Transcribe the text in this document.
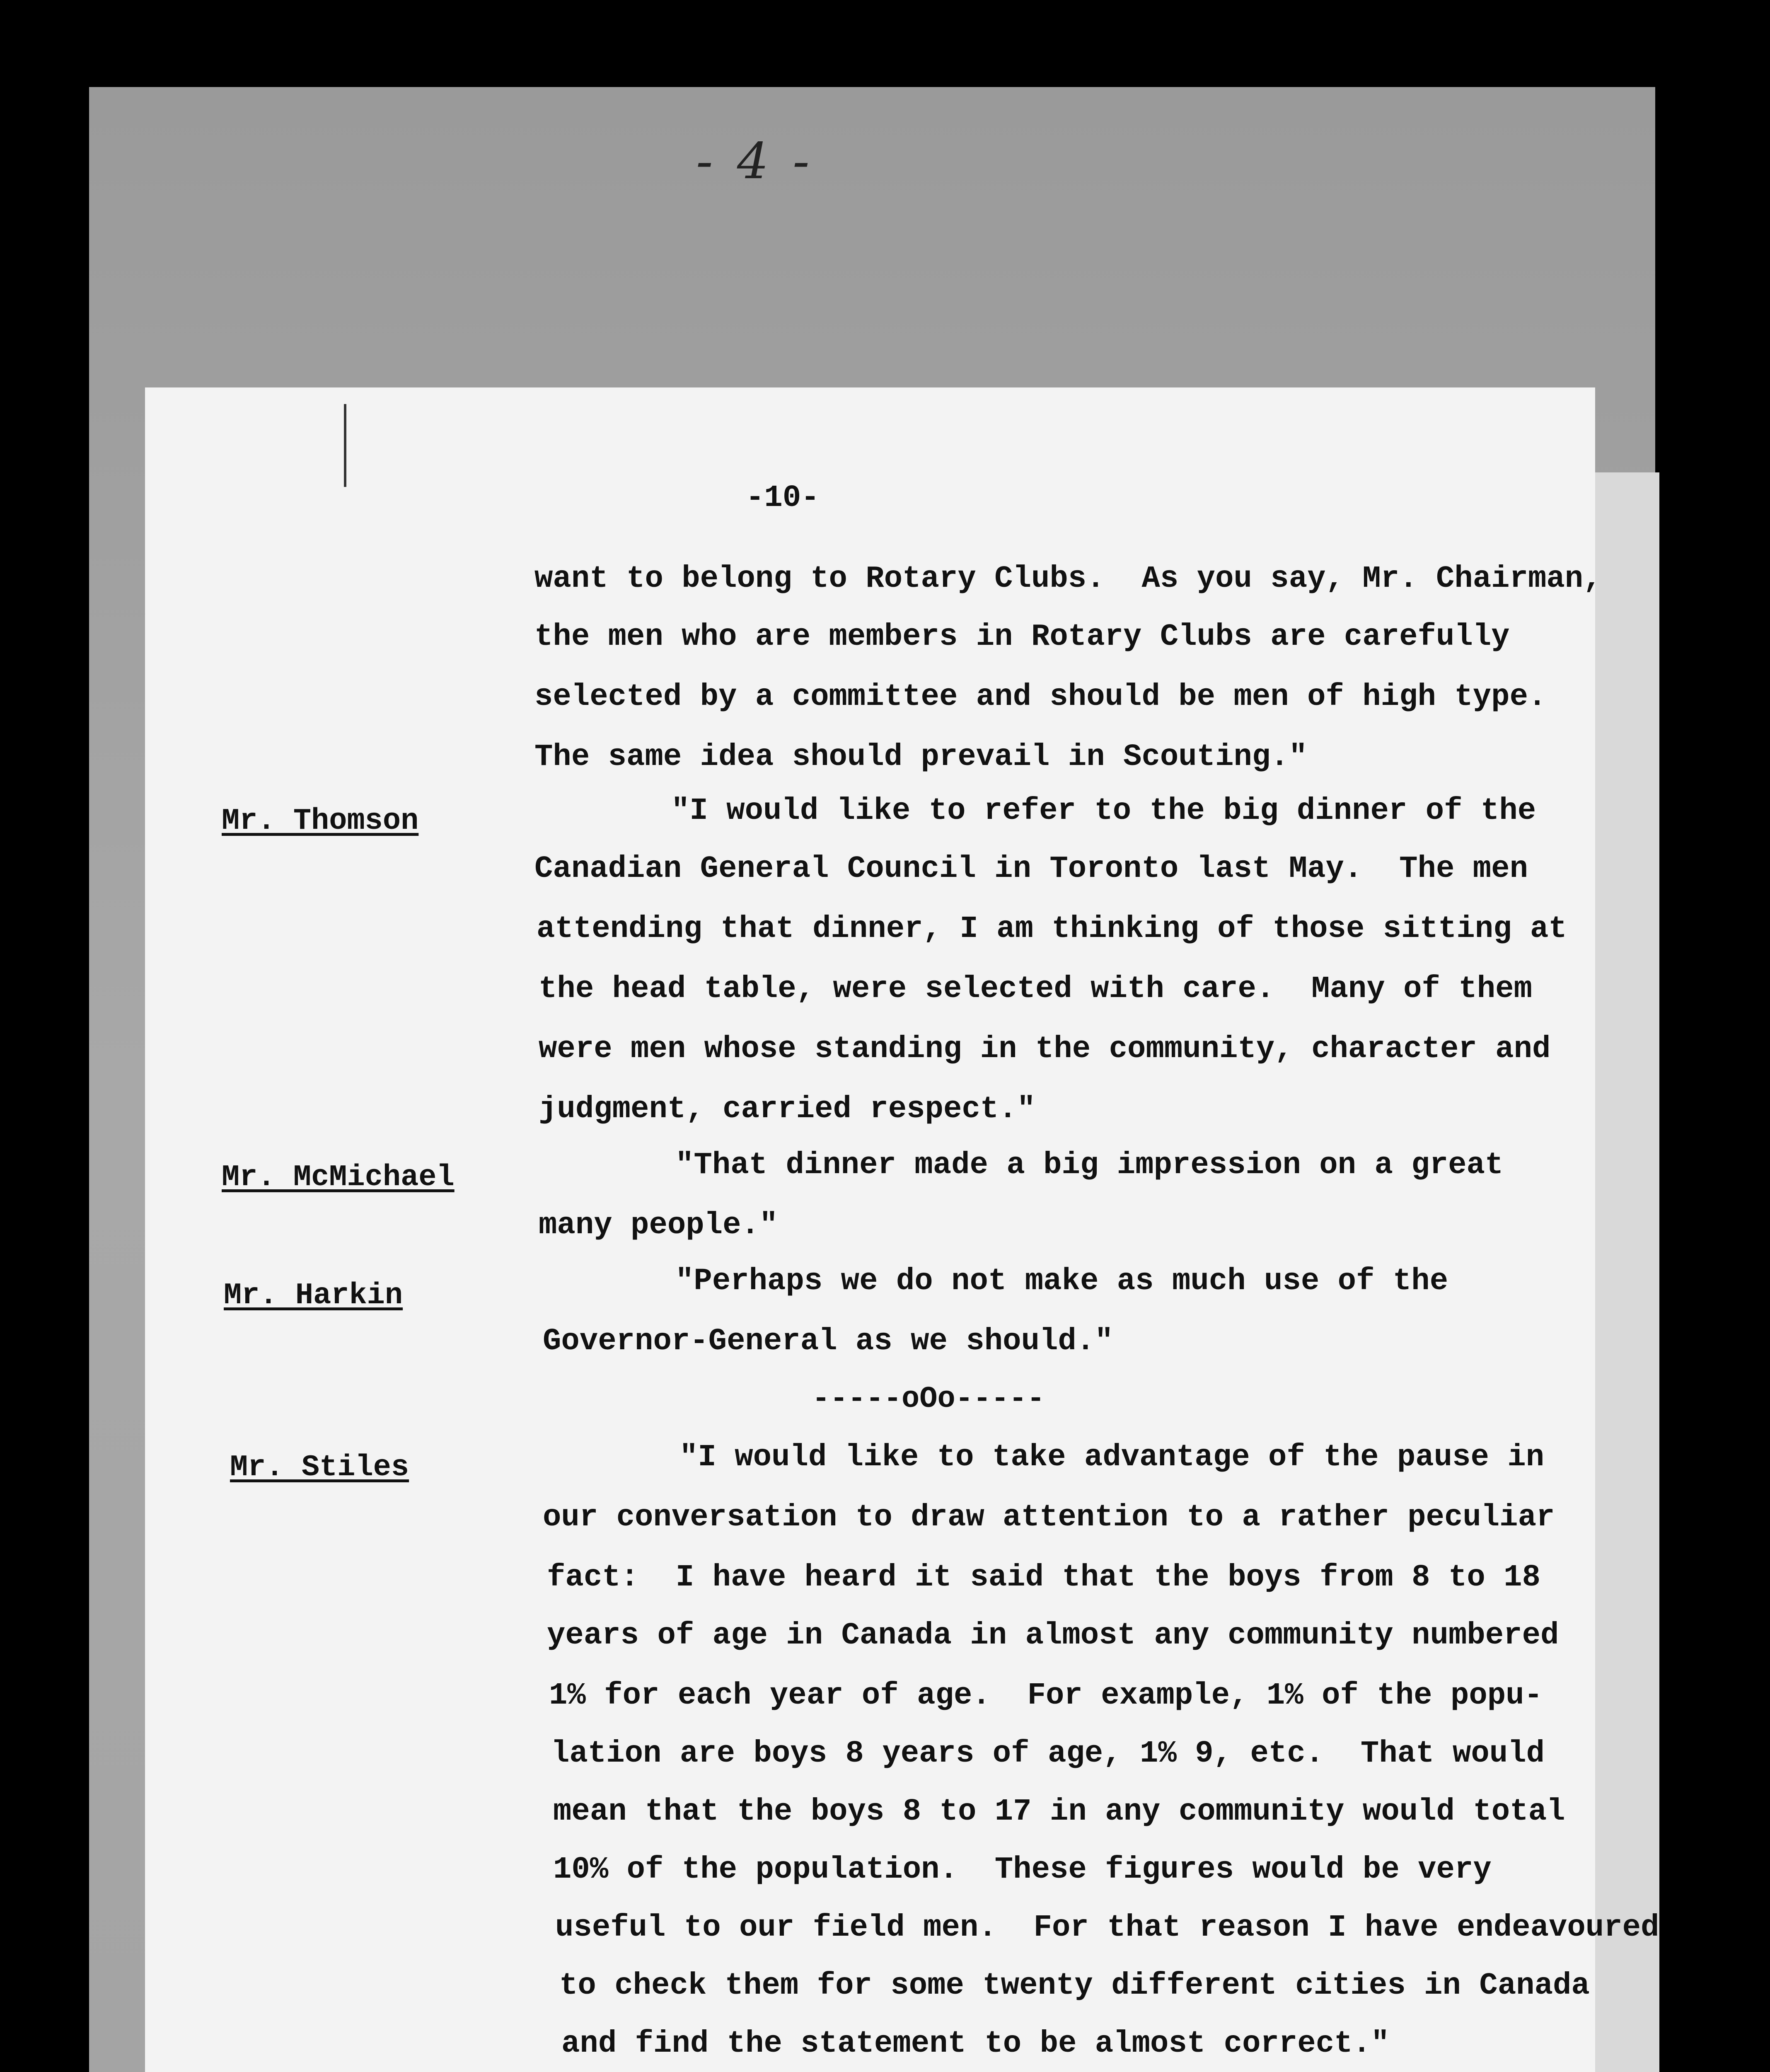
- 4 -
-10-
want to belong to Rotary Clubs.  As you say, Mr. Chairman,
the men who are members in Rotary Clubs are carefully
selected by a committee and should be men of high type.
The same idea should prevail in Scouting."
Mr. Thomson	"I would like to refer to the big dinner of the
Canadian General Council in Toronto last May.  The men
attending that dinner, I am thinking of those sitting at
the head table, were selected with care.  Many of them
were men whose standing in the community, character and
judgment, carried respect."
Mr. McMichael	"That dinner made a big impression on a great
many people."
Mr. Harkin	"Perhaps we do not make as much use of the
Governor-General as we should."
-----oOo-----
Mr. Stiles	"I would like to take advantage of the pause in
our conversation to draw attention to a rather peculiar
fact:  I have heard it said that the boys from 8 to 18
years of age in Canada in almost any community numbered
1% for each year of age.  For example, 1% of the popu-
lation are boys 8 years of age, 1% 9, etc.  That would
mean that the boys 8 to 17 in any community would total
10% of the population.  These figures would be very
useful to our field men.  For that reason I have endeavoured
to check them for some twenty different cities in Canada
and find the statement to be almost correct."
